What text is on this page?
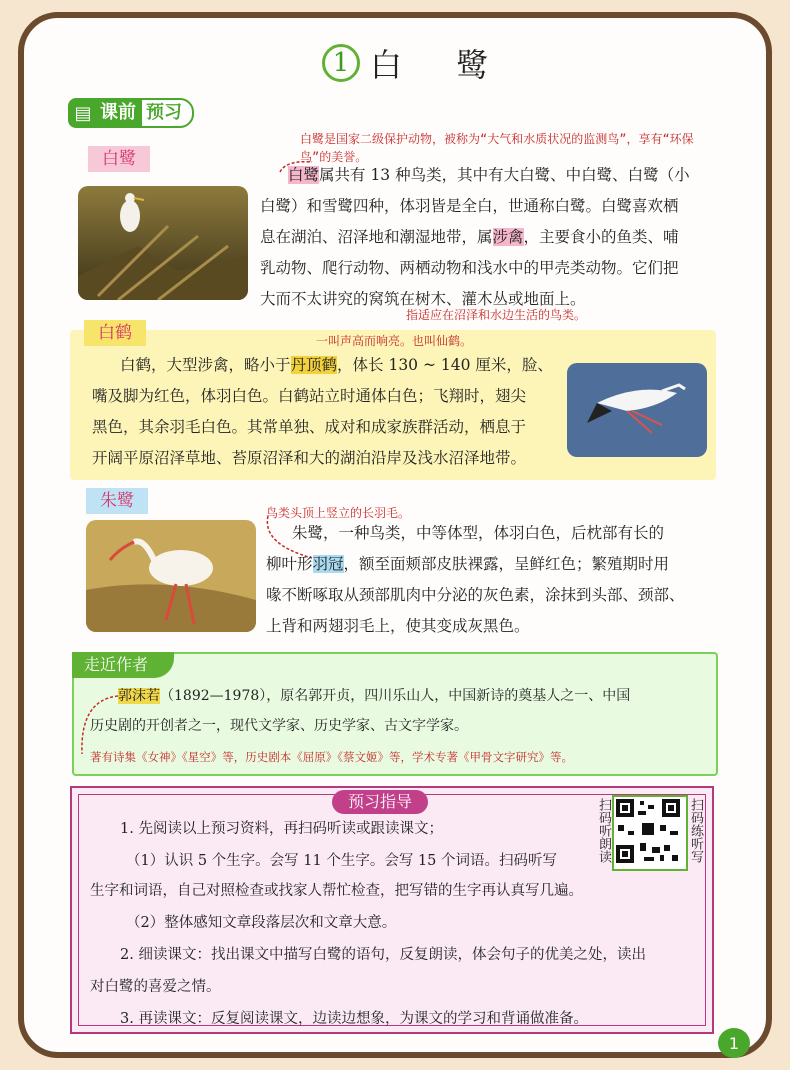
1 白 鹭
▤ 课前 预习
白鹭
白鹭是国家二级保护动物，被称为“大气和水质状况的监测鸟”，享有“环保鸟”的美誉。
白鹭属共有 13 种鸟类，其中有大白鹭、中白鹭、白鹭（小
白鹭）和雪鹭四种，体羽皆是全白，世通称白鹭。白鹭喜欢栖
息在湖泊、沼泽地和潮湿地带，属涉禽，主要食小的鱼类、哺
乳动物、爬行动物、两栖动物和浅水中的甲壳类动物。它们把
大而不太讲究的窝筑在树木、灌木丛或地面上。
指适应在沼泽和水边生活的鸟类。
白鹤	一叫声高而响亮。也叫仙鹤。
白鹤，大型涉禽，略小于丹顶鹤，体长 130 ~ 140 厘米，脸、
嘴及脚为红色，体羽白色。白鹤站立时通体白色；飞翔时，翅尖
黑色，其余羽毛白色。其常单独、成对和成家族群活动，栖息于
开阔平原沼泽草地、苔原沼泽和大的湖泊沿岸及浅水沼泽地带。
朱鹭
鸟类头顶上竖立的长羽毛。
朱鹭，一种鸟类，中等体型，体羽白色，后枕部有长的
柳叶形羽冠，额至面颊部皮肤裸露，呈鲜红色；繁殖期时用
喙不断啄取从颈部肌肉中分泌的灰色素，涂抹到头部、颈部、
上背和两翅羽毛上，使其变成灰黑色。
走近作者
郭沫若（1892—1978），原名郭开贞，四川乐山人，中国新诗的奠基人之一、中国
历史剧的开创者之一，现代文学家、历史学家、古文字学家。
著有诗集《女神》《星空》等，历史剧本《屈原》《蔡文姬》等，学术专著《甲骨文字研究》等。
预习指导	扫码听朗读	扫码练听写
1. 先阅读以上预习资料，再扫码听读或跟读课文；
（1）认识 5 个生字。会写 11 个生字。会写 15 个词语。扫码听写
生字和词语，自己对照检查或找家人帮忙检查，把写错的生字再认真写几遍。
（2）整体感知文章段落层次和文章大意。
2. 细读课文：找出课文中描写白鹭的语句，反复朗读，体会句子的优美之处，读出
对白鹭的喜爱之情。
3. 再读课文：反复阅读课文，边读边想象，为课文的学习和背诵做准备。
1
